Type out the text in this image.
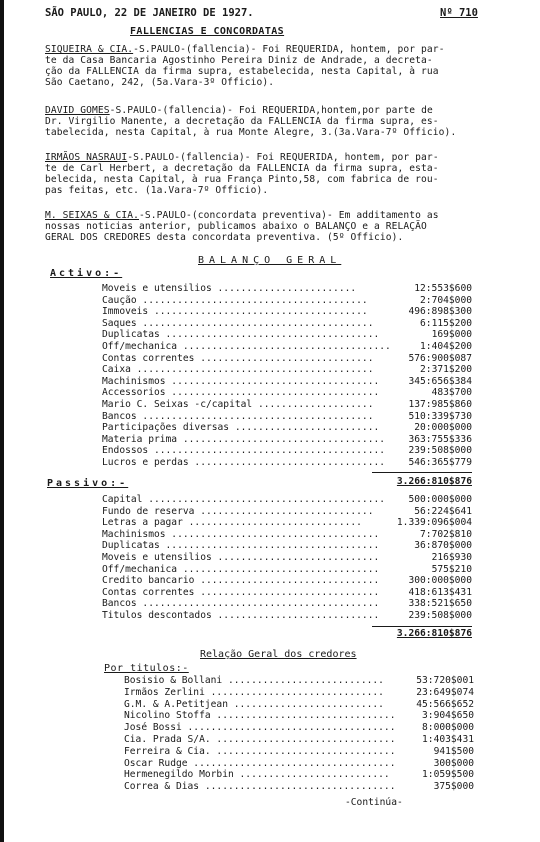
SÃO PAULO, 22 DE JANEIRO DE 1927.	Nº 710
FALLENCIAS E CONCORDATAS
SIQUEIRA & CIA.-S.PAULO-(fallencia)- Foi REQUERIDA, hontem, por par-
te da Casa Bancaria Agostinho Pereira Diniz de Andrade, a decreta-
ção da FALLENCIA da firma supra, estabelecida, nesta Capital, à rua
São Caetano, 242, (5a.Vara-3º Officio).
DAVID GOMES-S.PAULO-(fallencia)- Foi REQUERIDA,hontem,por parte de
Dr. Virgilio Manente, a decretação da FALLENCIA da firma supra, es-
tabelecida, nesta Capital, à rua Monte Alegre, 3.(3a.Vara-7º Officio).
IRMÃOS NASRAUI-S.PAULO-(fallencia)- Foi REQUERIDA, hontem, por par-
te de Carl Herbert, a decretação da FALLENCIA da firma supra, esta-
belecida, nesta Capital, à rua França Pinto,58, com fabrica de rou-
pas feitas, etc. (1a.Vara-7º Officio).
M. SEIXAS & CIA.-S.PAULO-(concordata preventiva)- Em additamento as
nossas noticias anterior, publicamos abaixo o BALANÇO e a RELAÇÃO
GERAL DOS CREDORES desta concordata preventiva. (5º Officio).
BALANÇO GERAL
Activo:-
Moveis e utensilios ........................	12:553$600
Caução .......................................	2:704$000
Immoveis .....................................	496:898$300
Saques ........................................	6:115$200
Duplicatas .....................................	169$000
Off/mechanica ....................................	1:404$200
Contas correntes ..............................	576:900$087
Caixa .........................................	2:371$200
Machinismos ....................................	345:656$384
Accessorios ....................................	483$700
Mario C. Seixas -c/capital ....................	137:985$860
Bancos ........................................	510:339$730
Participações diversas .........................	20:000$000
Materia prima ................................... 363:755$336
Endossos ........................................ 239:508$000
Lucros e perdas ................................. 546:365$779
3.266:810$876
Passivo:-
Capital ......................................... 500:000$000
Fundo de reserva ..............................	56:224$641
Letras a pagar ..............................	1.339:096$004
Machinismos ....................................	7:702$810
Duplicatas .....................................	36:870$000
Moveis e utensilios ............................	216$930
Off/mechanica ..................................	575$210
Credito bancario ...............................	300:000$000
Contas correntes ...............................	418:613$431
Bancos .........................................	338:521$650
Titulos descontados ............................	239:508$000
3.266:810$876
Relação Geral dos credores
Por titulos:-
Bosisio & Bollani ...........................	53:720$001
Irmãos Zerlini ..............................	23:649$074
G.M. & A.Petitjean ..........................	45:566$652
Nicolino Stoffa ...............................	3:904$650
José Bossi ....................................	8:000$000
Cia. Prada S/A. ...............................	1:403$431
Ferreira & Cia. ...............................	941$500
Oscar Rudge ...................................	300$000
Hermenegildo Morbin ..........................	1:059$500
Correa & Dias .................................	375$000
-Continúa-
